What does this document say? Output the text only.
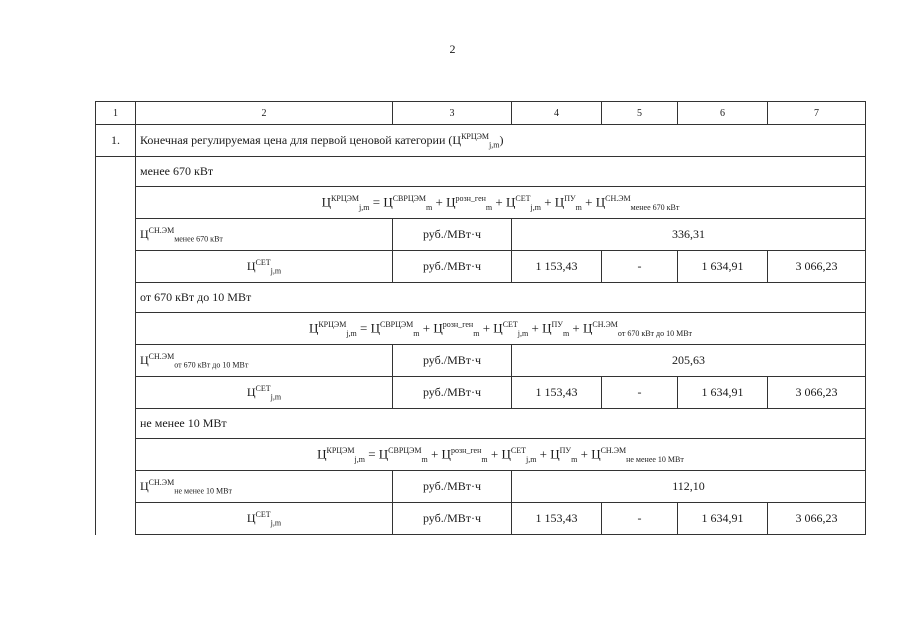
2
1	2	3	4	5	6	7
1.	Конечная регулируемая цена для первой ценовой категории $(Ц^{КРЦЭМ}_{j,m})$					
	менее 670 кВт					
	$Ц^{КРЦЭМ}_{j,m} = Ц^{СВРЦЭМ}_m + Ц^{розн\_ген}_m + Ц^{СЕТ}_{j,m} + Ц^{ПУ}_m + Ц^{СН.ЭМ}_{менее 670 кВт}$
	$Ц^{СН.ЭМ}_{менее 670 кВт}$	руб./МВт·ч	336,31			
	$Ц^{СЕТ}_{j,m}$	руб./МВт·ч	1 153,43	-	1 634,91	3 066,23
	от 670 кВт до 10 МВт					
	$Ц^{КРЦЭМ}_{j,m} = Ц^{СВРЦЭМ}_m + Ц^{розн\_ген}_m + Ц^{СЕТ}_{j,m} + Ц^{ПУ}_m + Ц^{СН.ЭМ}_{от 670 кВт до 10 МВт}$
	$Ц^{СН.ЭМ}_{от 670 кВт до 10 МВт}$	руб./МВт·ч	205,63			
	$Ц^{СЕТ}_{j,m}$	руб./МВт·ч	1 153,43	-	1 634,91	3 066,23
	не менее 10 МВт					
	$Ц^{КРЦЭМ}_{j,m} = Ц^{СВРЦЭМ}_m + Ц^{розн\_ген}_m + Ц^{СЕТ}_{j,m} + Ц^{ПУ}_m + Ц^{СН.ЭМ}_{не менее 10 МВт}$
	$Ц^{СН.ЭМ}_{не менее 10 МВт}$	руб./МВт·ч	112,10			
	$Ц^{СЕТ}_{j,m}$	руб./МВт·ч	1 153,43	-	1 634,91	3 066,23
